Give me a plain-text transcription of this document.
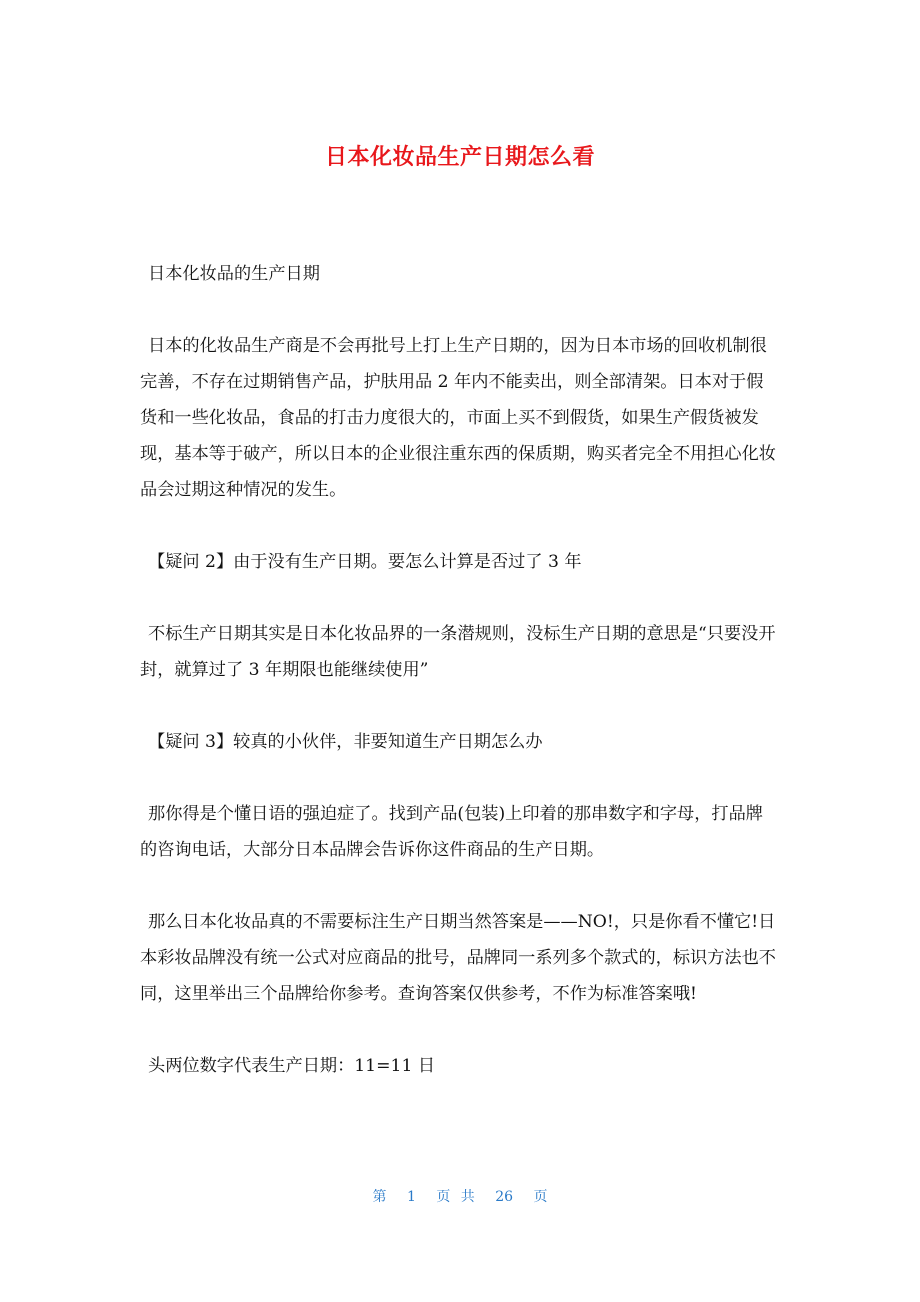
日本化妆品生产日期怎么看

日本化妆品的生产日期

日本的化妆品生产商是不会再批号上打上生产日期的，因为日本市场的回收机制很完善，不存在过期销售产品，护肤用品 2 年内不能卖出，则全部清架。日本对于假货和一些化妆品，食品的打击力度很大的，市面上买不到假货，如果生产假货被发现，基本等于破产，所以日本的企业很注重东西的保质期，购买者完全不用担心化妆品会过期这种情况的发生。

【疑问 2】由于没有生产日期。要怎么计算是否过了 3 年

不标生产日期其实是日本化妆品界的一条潜规则，没标生产日期的意思是“只要没开封，就算过了 3 年期限也能继续使用”

【疑问 3】较真的小伙伴，非要知道生产日期怎么办

那你得是个懂日语的强迫症了。找到产品(包装)上印着的那串数字和字母，打品牌的咨询电话，大部分日本品牌会告诉你这件商品的生产日期。

那么日本化妆品真的不需要标注生产日期当然答案是——NO!，只是你看不懂它!日本彩妆品牌没有统一公式对应商品的批号，品牌同一系列多个款式的，标识方法也不同，这里举出三个品牌给你参考。查询答案仅供参考，不作为标准答案哦!

头两位数字代表生产日期：11=11 日

第 1 页 共 26 页
